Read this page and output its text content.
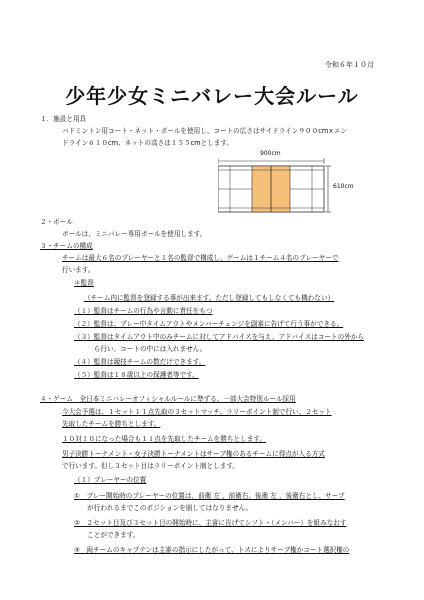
令和６年１０月
少年少女ミニバレー大会ルール
１．施設と用具
バドミントン用コート・ネット・ポールを使用し、コートの広さはサイドライン９００cm×エン
ドライン６１０cm、ネットの高さは１５５cmとします。
900cm
610cm
２・ボール
ボールは、ミニバレー専用ボールを使用します。
３・チームの構成
チームは最大６名のプレーヤーと１名の監督で構成し、ゲームは１チーム４名のプレーヤーで
行います。
＊監督
（チーム内に監督を登録する事が出来ます。ただし登録してもしなくても構わない）
（１）監督はチームの行為や言動に責任をもつ
（２）監督は、プレー中タイムアウトやメンバーチェンジを副審に告げて行う事ができる。
（３）監督はタイムアウト中のみチームに対してアドバイスを与え、アドバイスはコートの外から
　　　ら行い、コートの中には入れません。
（４）監督は競技チームの数だけできます。
（５）監督は１８歳以上の保護者等です。
４・ゲーム　全日本ミニバレーオフィシャルルールに準ずる。一部大会特別ルール採用
今大会予選は、１セット１１点先取の３セットマッチ、ラリーポイント制で行い、２セット
先取したチームを勝ちとします。
１０対１０になった場合も１１点を先取したチームを勝ちとします。
男子決勝トーナメント・女子決勝トーナメントはサーブ権のあるチームに得点が入る方式
で行います。但し３セット目はラリーポイント制とします。
（１）プレーヤーの位置
①　プレー開始時のプレーヤーの位置は、前衛 左 、前衛右、後衛 左 、後衛右とし、サーブ
　　が行われるまでこのポジションを崩してはなりません。
②　２セット目及び３セット目の開始時に、主審に告げてシフト・（メンバー）を組みなおす
　　ことができます。
③　両チームのキャプテンは主審の指示にしたがって、トスによりサーブ権かコート選択権の
